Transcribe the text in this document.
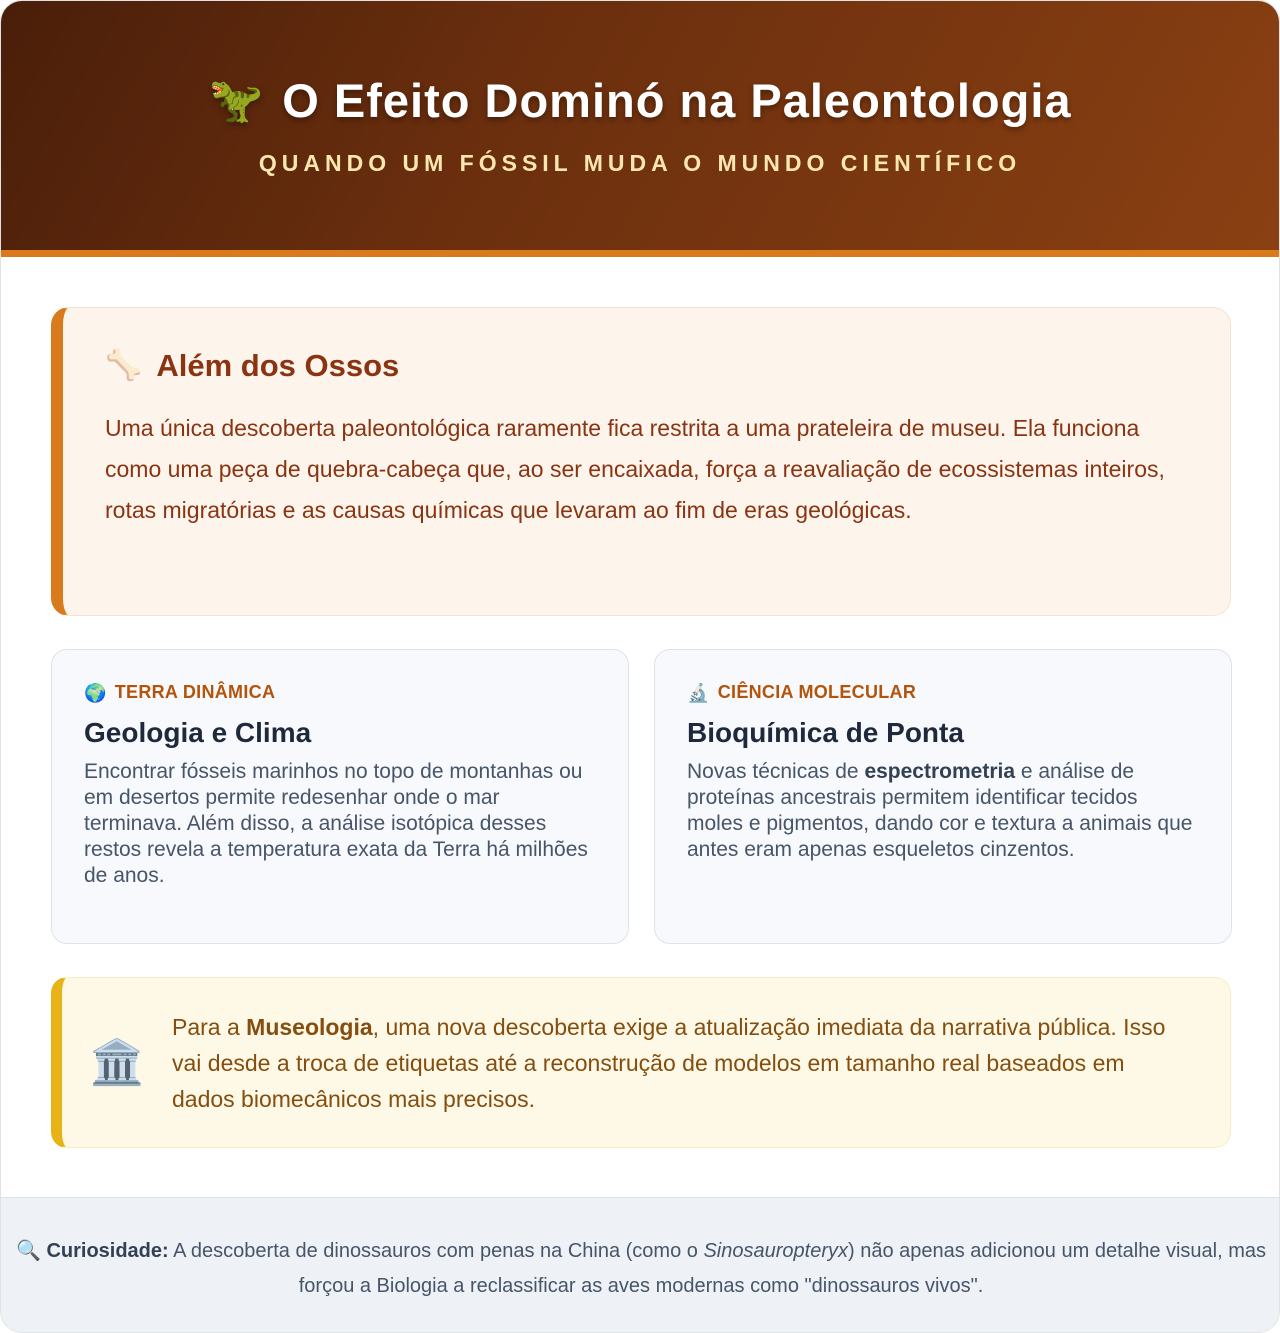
🦖 O Efeito Dominó na Paleontologia
QUANDO UM FÓSSIL MUDA O MUNDO CIENTÍFICO
🦴 Além dos Ossos

Uma única descoberta paleontológica raramente fica restrita a uma prateleira de museu. Ela funciona como uma peça de quebra-cabeça que, ao ser encaixada, força a reavaliação de ecossistemas inteiros, rotas migratórias e as causas químicas que levaram ao fim de eras geológicas.

🌍 TERRA DINÂMICA
Geologia e Clima

Encontrar fósseis marinhos no topo de montanhas ou em desertos permite redesenhar onde o mar terminava. Além disso, a análise isotópica desses restos revela a temperatura exata da Terra há milhões de anos.

🔬 CIÊNCIA MOLECULAR
Bioquímica de Ponta

Novas técnicas de espectrometria e análise de proteínas ancestrais permitem identificar tecidos moles e pigmentos, dando cor e textura a animais que antes eram apenas esqueletos cinzentos.

🏛️

Para a Museologia, uma nova descoberta exige a atualização imediata da narrativa pública. Isso vai desde a troca de etiquetas até a reconstrução de modelos em tamanho real baseados em dados biomecânicos mais precisos.

🔍 Curiosidade: A descoberta de dinossauros com penas na China (como o Sinosauropteryx) não apenas adicionou um detalhe visual, mas forçou a Biologia a reclassificar as aves modernas como "dinossauros vivos".
